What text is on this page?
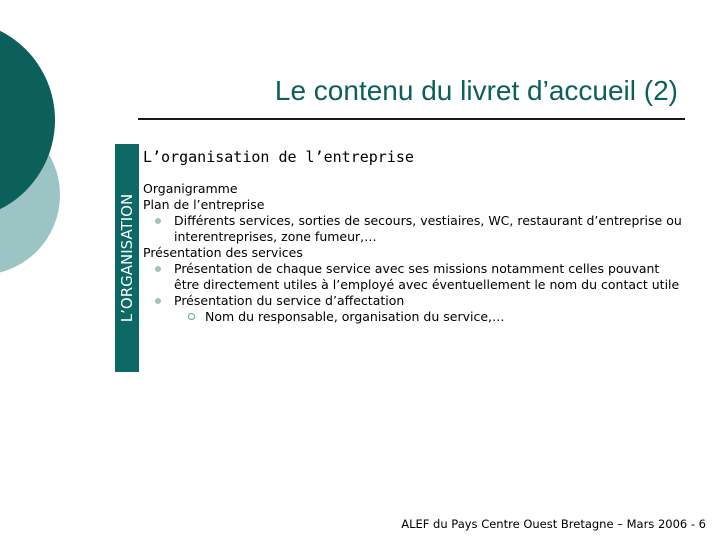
Le contenu du livret d’accueil (2)
L’ORGANISATION
L’organisation de l’entreprise

Organigramme

Plan de l’entreprise

Différents services, sorties de secours, vestiaires, WC, restaurant d’entreprise ou interentreprises, zone fumeur,…

Présentation des services

Présentation de chaque service avec ses missions notamment celles pouvant être directement utiles à l’employé avec éventuellement le nom du contact utile
Présentation du service d’affectation
Nom du responsable, organisation du service,…
ALEF du Pays Centre Ouest Bretagne – Mars 2006 - 6
